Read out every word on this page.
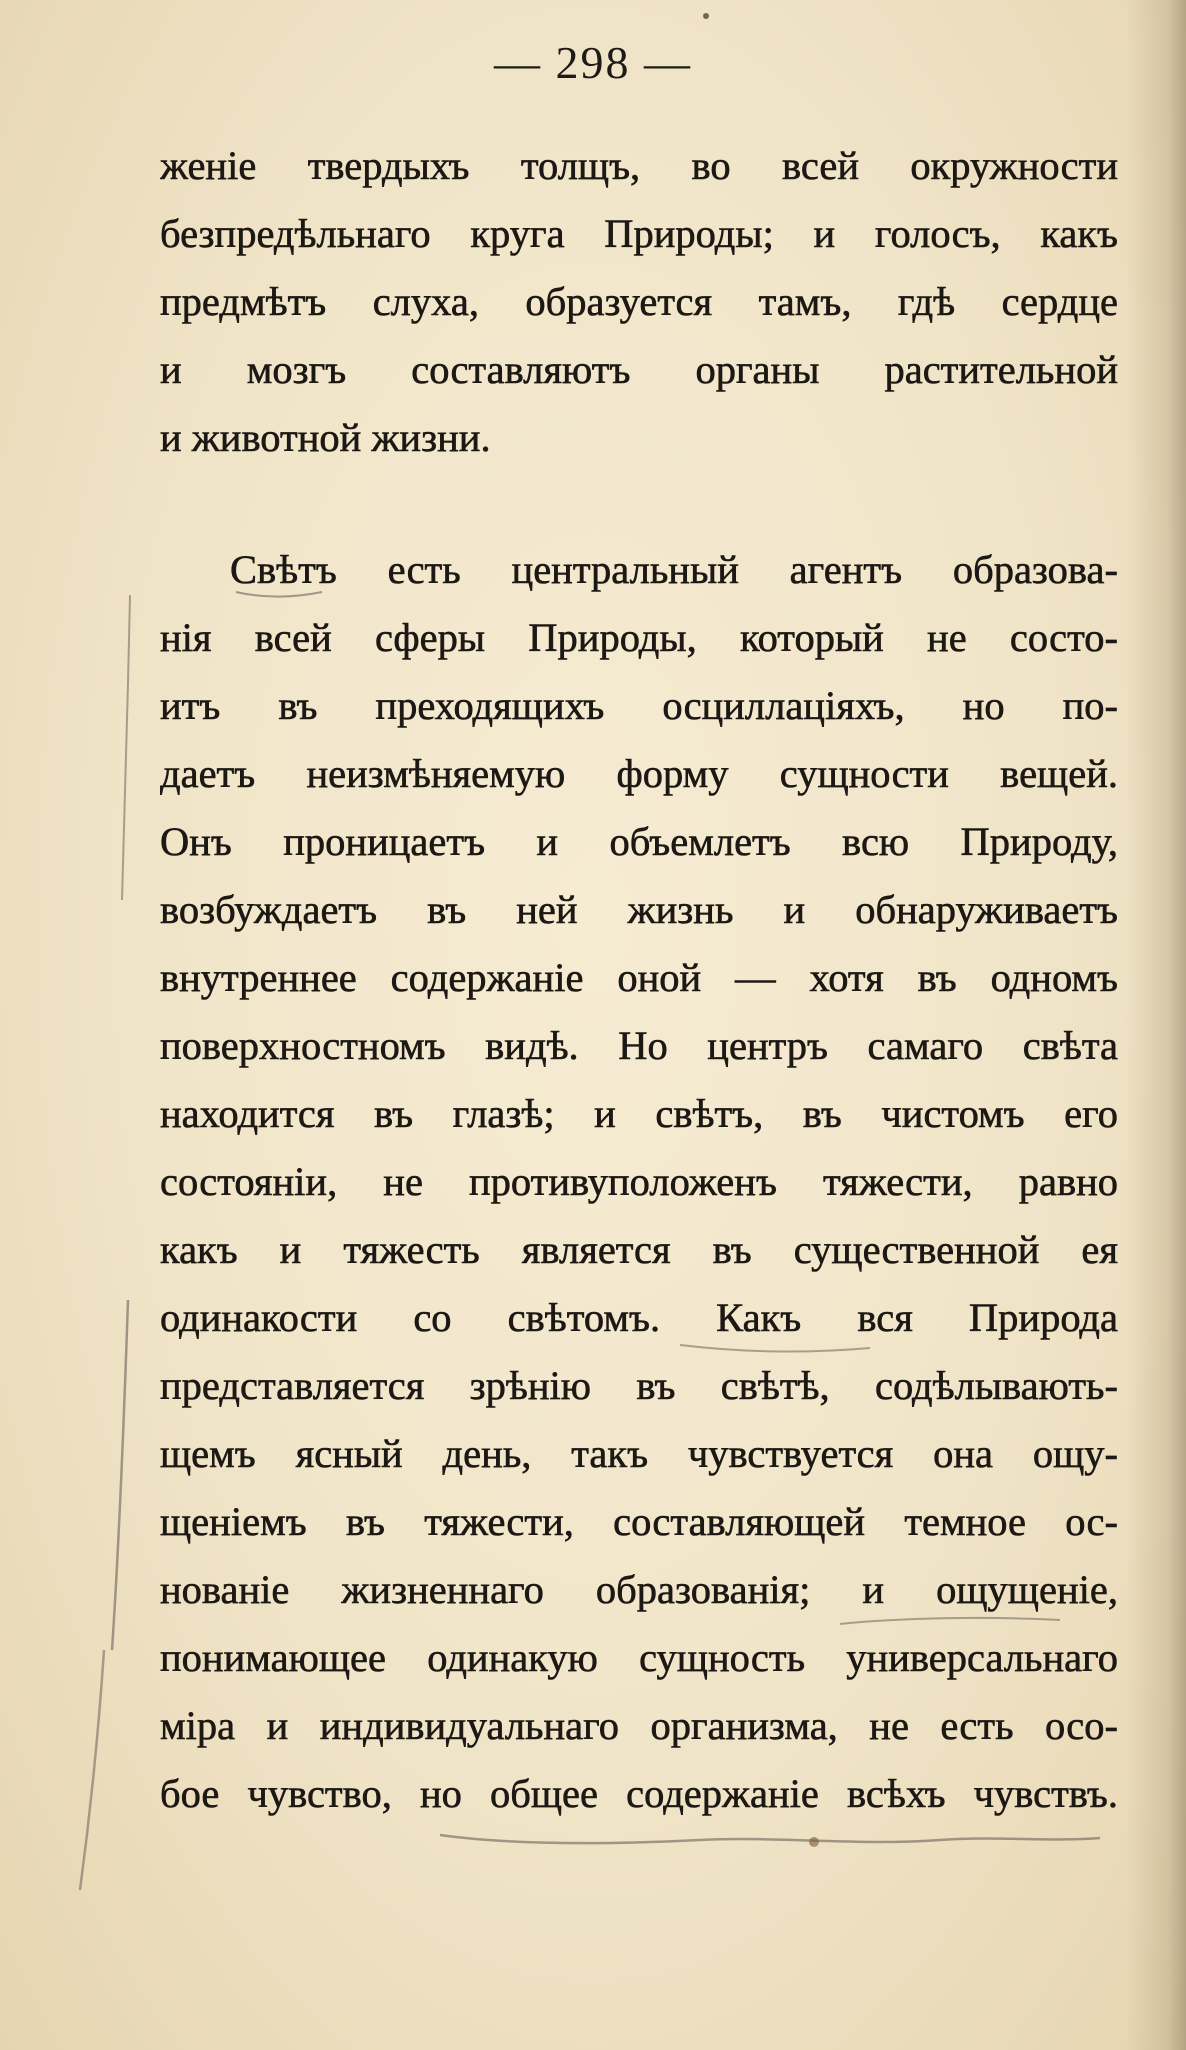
— 298 —
женіе твердыхъ толщъ, во всей окружности
безпредѣльнаго круга Природы; и голосъ, какъ
предмѣтъ слуха, образуется тамъ, гдѣ сердце
и мозгъ составляютъ органы растительной
и животной жизни.
Свѣтъ есть центральный агентъ образова-
нія всей сферы Природы, который не состо-
итъ въ преходящихъ осциллаціяхъ, но по-
даетъ неизмѣняемую форму сущности вещей.
Онъ проницаетъ и объемлетъ всю Природу,
возбуждаетъ въ ней жизнь и обнаруживаетъ
внутреннее содержаніе оной — хотя въ одномъ
поверхностномъ видѣ. Но центръ самаго свѣта
находится въ глазѣ; и свѣтъ, въ чистомъ его
состояніи, не противуположенъ тяжести, равно
какъ и тяжесть является въ существенной ея
одинакости со свѣтомъ. Какъ вся Природа
представляется зрѣнію въ свѣтѣ, содѣлывають-
щемъ ясный день, такъ чувствуется она ощу-
щеніемъ въ тяжести, составляющей темное ос-
нованіе жизненнаго образованія; и ощущеніе,
понимающее одинакую сущность универсальнаго
міра и индивидуальнаго организма, не есть осо-
бое чувство, но общее содержаніе всѣхъ чувствъ.
